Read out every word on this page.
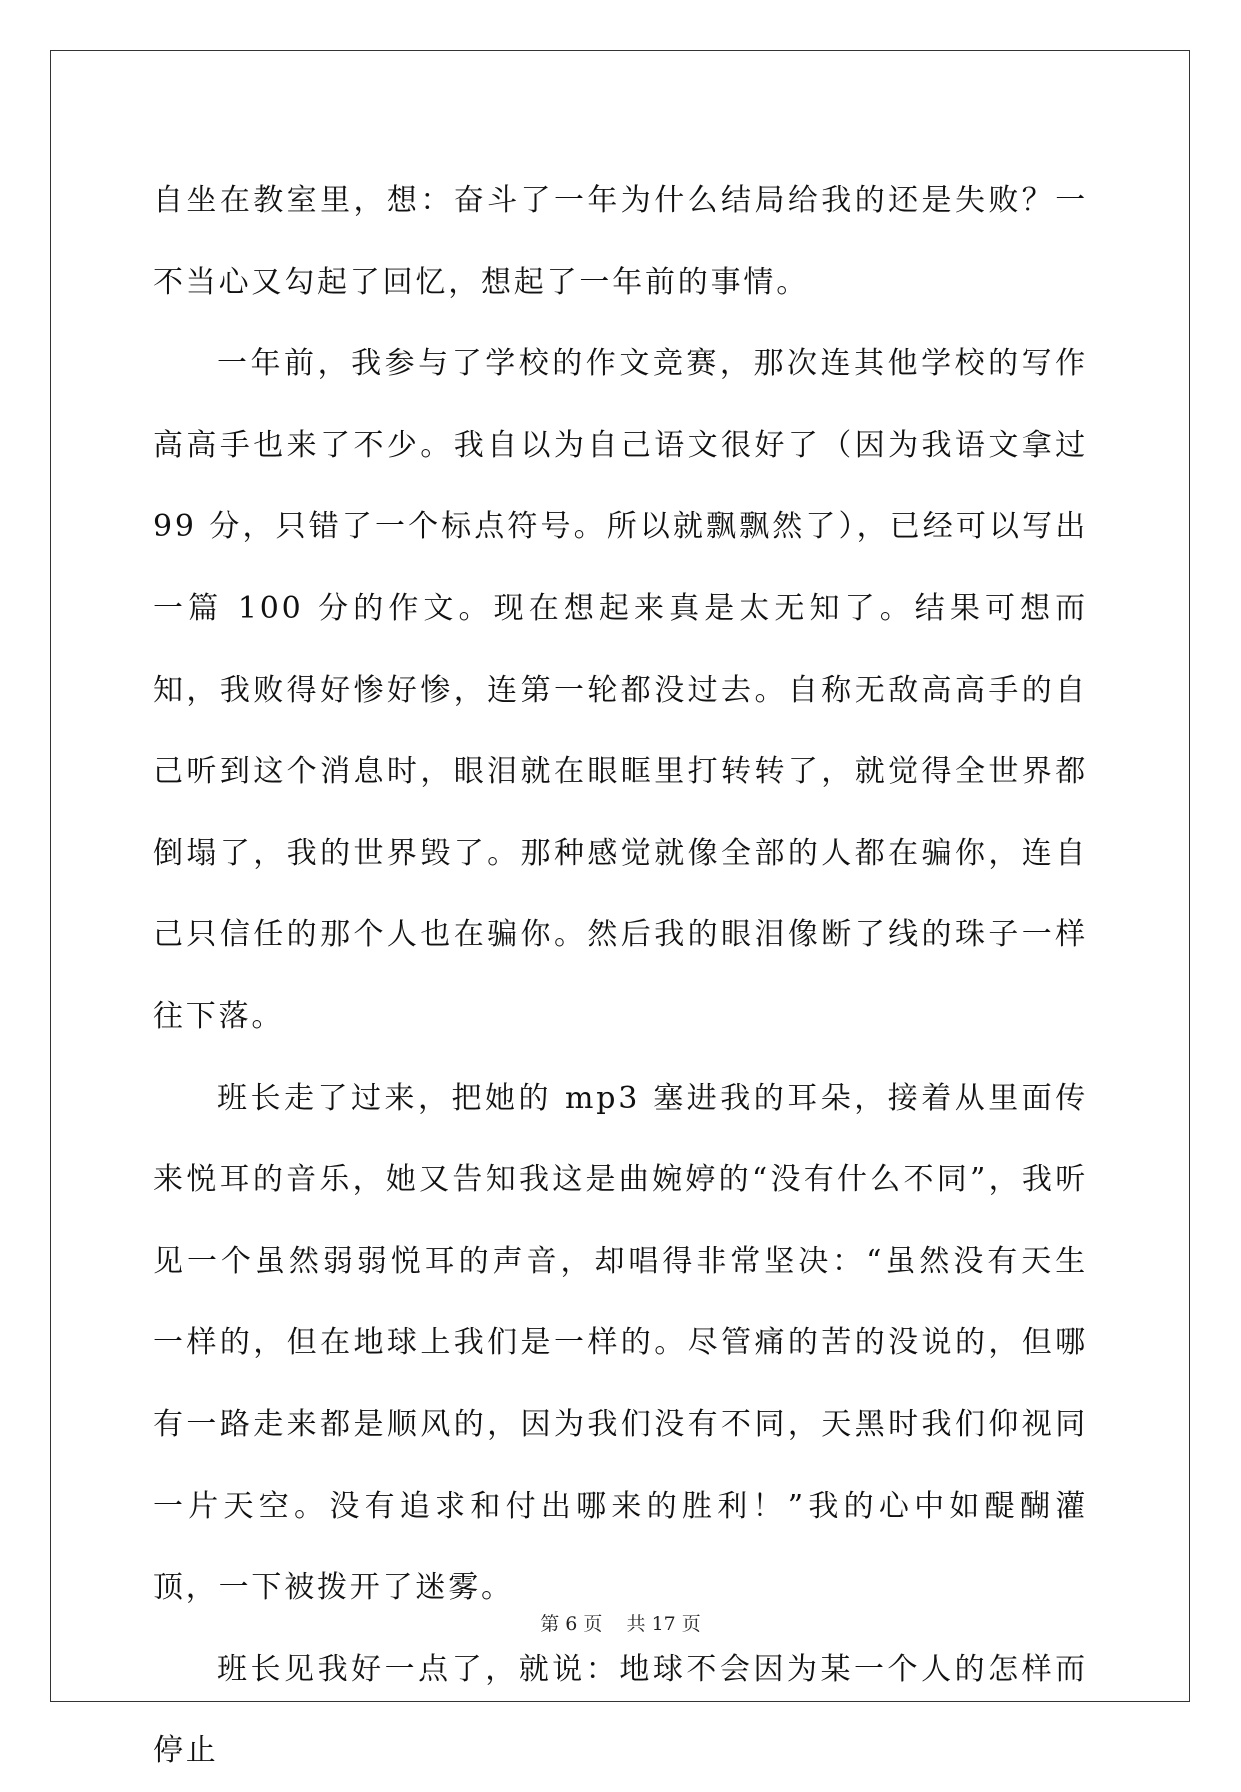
自坐在教室里，想：奋斗了一年为什么结局给我的还是失败？一不当心又勾起了回忆，想起了一年前的事情。

一年前，我参与了学校的作文竞赛，那次连其他学校的写作高高手也来了不少。我自以为自己语文很好了（因为我语文拿过 99 分，只错了一个标点符号。所以就飘飘然了），已经可以写出一篇 100 分的作文。现在想起来真是太无知了。结果可想而知，我败得好惨好惨，连第一轮都没过去。自称无敌高高手的自己听到这个消息时，眼泪就在眼眶里打转转了，就觉得全世界都倒塌了，我的世界毁了。那种感觉就像全部的人都在骗你，连自己只信任的那个人也在骗你。然后我的眼泪像断了线的珠子一样往下落。

班长走了过来，把她的 mp3 塞进我的耳朵，接着从里面传来悦耳的音乐，她又告知我这是曲婉婷的“没有什么不同”，我听见一个虽然弱弱悦耳的声音，却唱得非常坚决：“虽然没有天生一样的，但在地球上我们是一样的。尽管痛的苦的没说的，但哪有一路走来都是顺风的，因为我们没有不同，天黑时我们仰视同一片天空。没有追求和付出哪来的胜利！”我的心中如醍醐灌顶，一下被拨开了迷雾。

班长见我好一点了，就说：地球不会因为某一个人的怎样而停止

第 6 页 共 17 页
